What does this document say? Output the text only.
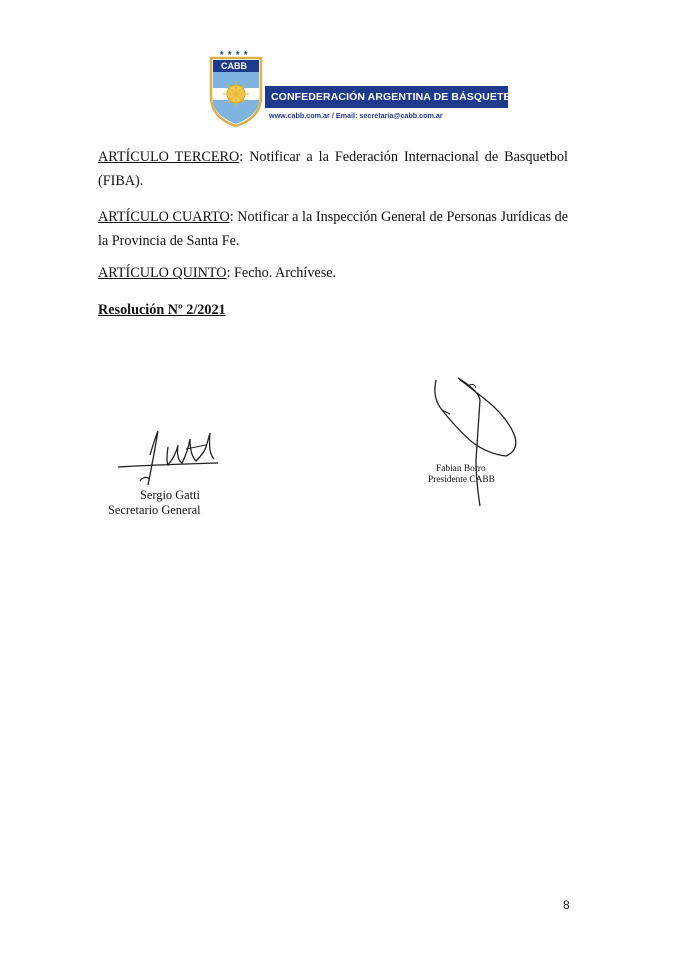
★ ★ ★ ★
CABB
CONFEDERACIÓN ARGENTINA DE BÁSQUETBOL
www.cabb.com.ar / Email: secretaria@cabb.com.ar

ARTÍCULO TERCERO: Notificar a la Federación Internacional de Basquetbol (FIBA).

ARTÍCULO CUARTO: Notificar a la Inspección General de Personas Jurídicas de la Provincia de Santa Fe.

ARTÍCULO QUINTO: Fecho. Archívese.

Resolución Nº 2/2021

Sergio Gatti
Secretario General
Fabian Borro
Presidente CABB
8
